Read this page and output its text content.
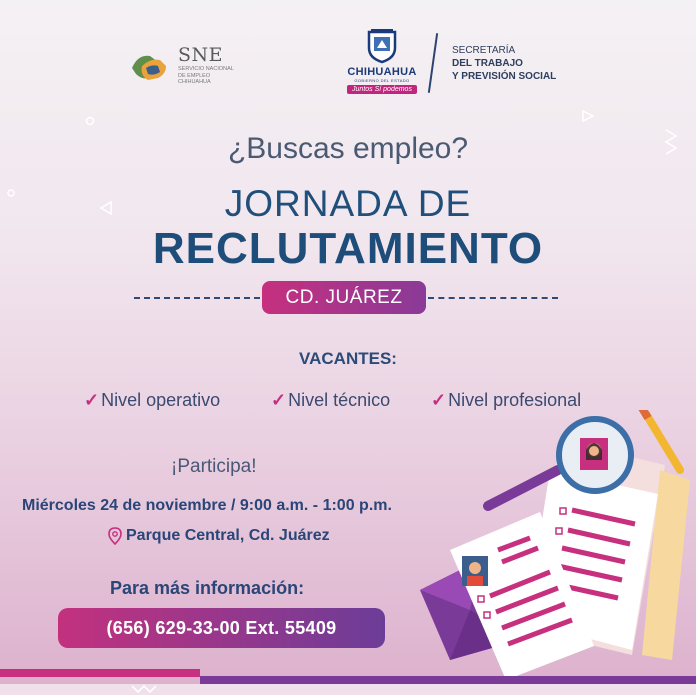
SNE
SERVICIO NACIONAL
DE EMPLEO
CHIHUAHUA
CHIHUAHUA
GOBIERNO DEL ESTADO
Juntos Sí podemos
SECRETARÍA
DEL TRABAJO
Y PREVISIÓN SOCIAL
¿Buscas empleo?
JORNADA DE
RECLUTAMIENTO
CD. JUÁREZ
VACANTES:
✓ Nivel operativo	✓ Nivel técnico ✓ Nivel profesional
¡Participa!
Miércoles 24 de noviembre / 9:00 a.m. - 1:00 p.m.
Parque Central, Cd. Juárez
Para más información:
(656) 629-33-00 Ext. 55409
